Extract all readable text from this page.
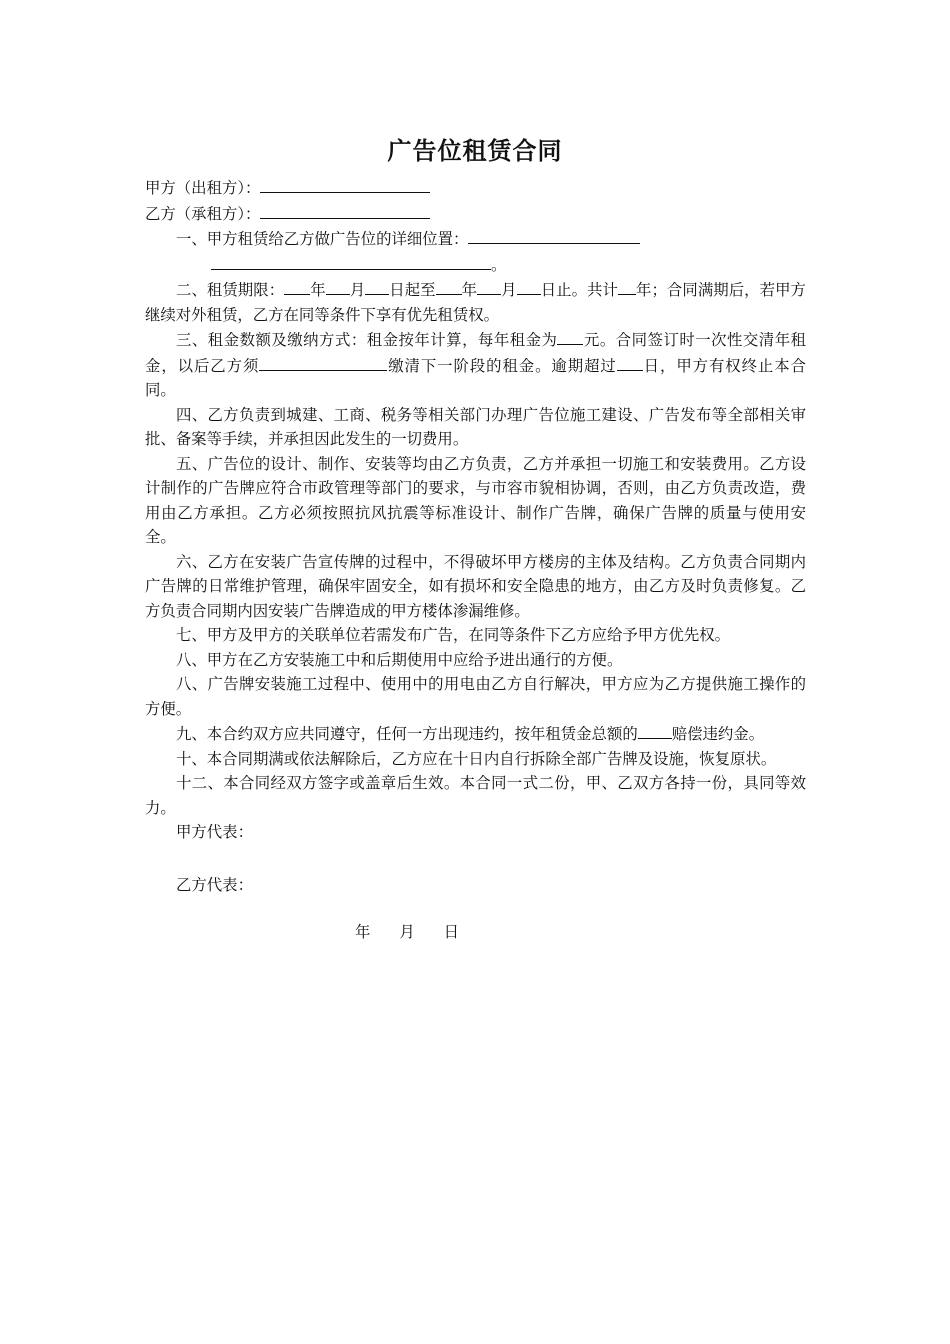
广告位租赁合同

甲方（出租方）：

乙方（承租方）：

一、甲方租赁给乙方做广告位的详细位置：

。

二、租赁期限： 年 月 日起至 年 月 日止。共计 年；合同满期后，若甲方继续对外租赁，乙方在同等条件下享有优先租赁权。

三、租金数额及缴纳方式：租金按年计算，每年租金为 元。合同签订时一次性交清年租金，以后乙方须	缴清下一阶段的租金。逾期超过 日，甲方有权终止本合同。

四、乙方负责到城建、工商、税务等相关部门办理广告位施工建设、广告发布等全部相关审批、备案等手续，并承担因此发生的一切费用。

五、广告位的设计、制作、安装等均由乙方负责，乙方并承担一切施工和安装费用。乙方设计制作的广告牌应符合市政管理等部门的要求，与市容市貌相协调，否则，由乙方负责改造，费用由乙方承担。乙方必须按照抗风抗震等标准设计、制作广告牌，确保广告牌的质量与使用安全。

六、乙方在安装广告宣传牌的过程中，不得破坏甲方楼房的主体及结构。乙方负责合同期内广告牌的日常维护管理，确保牢固安全，如有损坏和安全隐患的地方，由乙方及时负责修复。乙方负责合同期内因安装广告牌造成的甲方楼体渗漏维修。

七、甲方及甲方的关联单位若需发布广告，在同等条件下乙方应给予甲方优先权。

八、甲方在乙方安装施工中和后期使用中应给予进出通行的方便。

八、广告牌安装施工过程中、使用中的用电由乙方自行解决，甲方应为乙方提供施工操作的方便。

九、本合约双方应共同遵守，任何一方出现违约，按年租赁金总额的 赔偿违约金。

十、本合同期满或依法解除后，乙方应在十日内自行拆除全部广告牌及设施，恢复原状。

十二、本合同经双方签字或盖章后生效。本合同一式二份，甲、乙双方各持一份，具同等效力。

甲方代表：

乙方代表：

年 月 日
